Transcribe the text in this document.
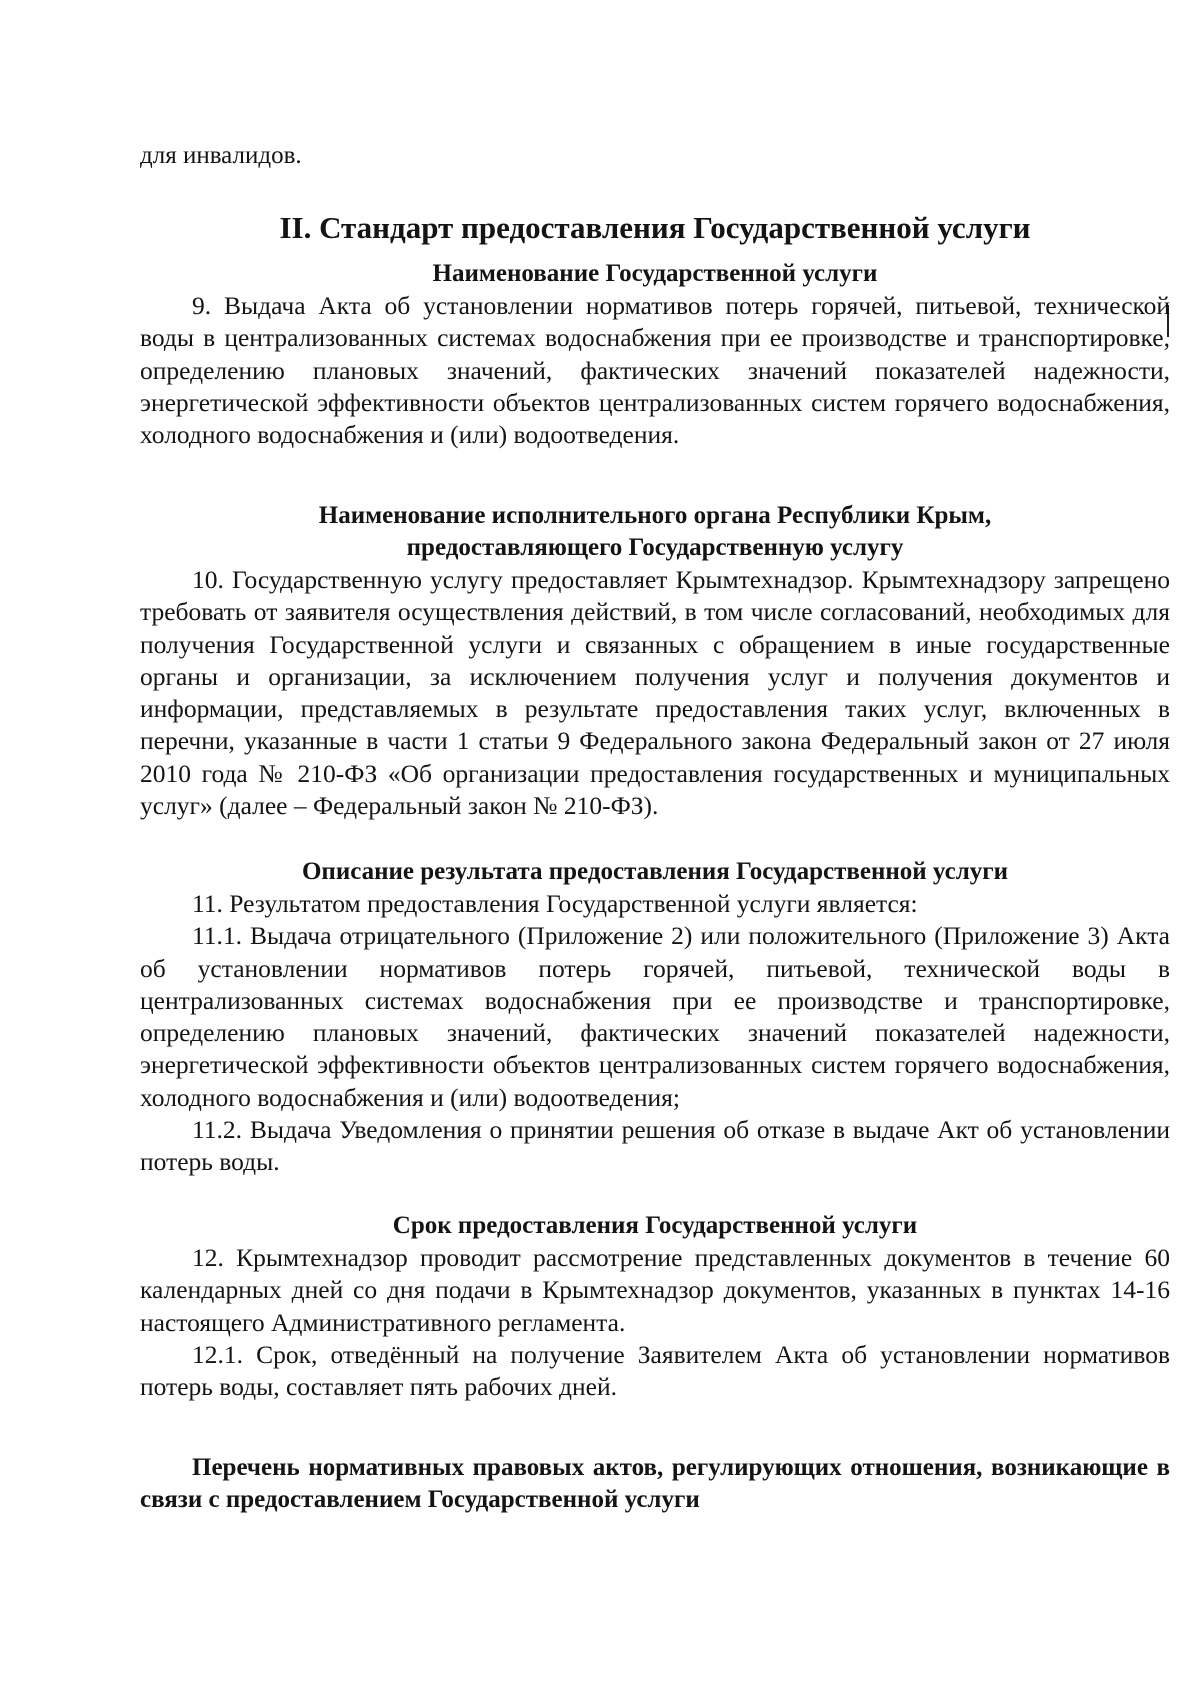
для инвалидов.
II. Стандарт предоставления Государственной услуги

Наименование Государственной услуги

9. Выдача Акта об установлении нормативов потерь горячей, питьевой, технической воды в централизованных системах водоснабжения при ее производстве и транспортировке, определению плановых значений, фактических значений показателей надежности, энергетической эффективности объектов централизованных систем горячего водоснабжения, холодного водоснабжения и (или) водоотведения.

Наименование исполнительного органа Республики Крым,

предоставляющего Государственную услугу

10. Государственную услугу предоставляет Крымтехнадзор. Крымтехнадзору запрещено требовать от заявителя осуществления действий, в том числе согласований, необходимых для получения Государственной услуги и связанных с обращением в иные государственные органы и организации, за исключением получения услуг и получения документов и информации, представляемых в результате предоставления таких услуг, включенных в перечни, указанные в части 1 статьи 9 Федерального закона Федеральный закон от 27 июля 2010 года № 210-ФЗ «Об организации предоставления государственных и муниципальных услуг» (далее – Федеральный закон № 210-ФЗ).

Описание результата предоставления Государственной услуги

11. Результатом предоставления Государственной услуги является:

11.1. Выдача отрицательного (Приложение 2) или положительного (Приложение 3) Акта об установлении нормативов потерь горячей, питьевой, технической воды в централизованных системах водоснабжения при ее производстве и транспортировке, определению плановых значений, фактических значений показателей надежности, энергетической эффективности объектов централизованных систем горячего водоснабжения, холодного водоснабжения и (или) водоотведения;

11.2. Выдача Уведомления о принятии решения об отказе в выдаче Акт об установлении потерь воды.

Срок предоставления Государственной услуги

12. Крымтехнадзор проводит рассмотрение представленных документов в течение 60 календарных дней со дня подачи в Крымтехнадзор документов, указанных в пунктах 14-16 настоящего Административного регламента.

12.1. Срок, отведённый на получение Заявителем Акта об установлении нормативов потерь воды, составляет пять рабочих дней.

Перечень нормативных правовых актов, регулирующих отношения, возникающие в связи с предоставлением Государственной услуги
